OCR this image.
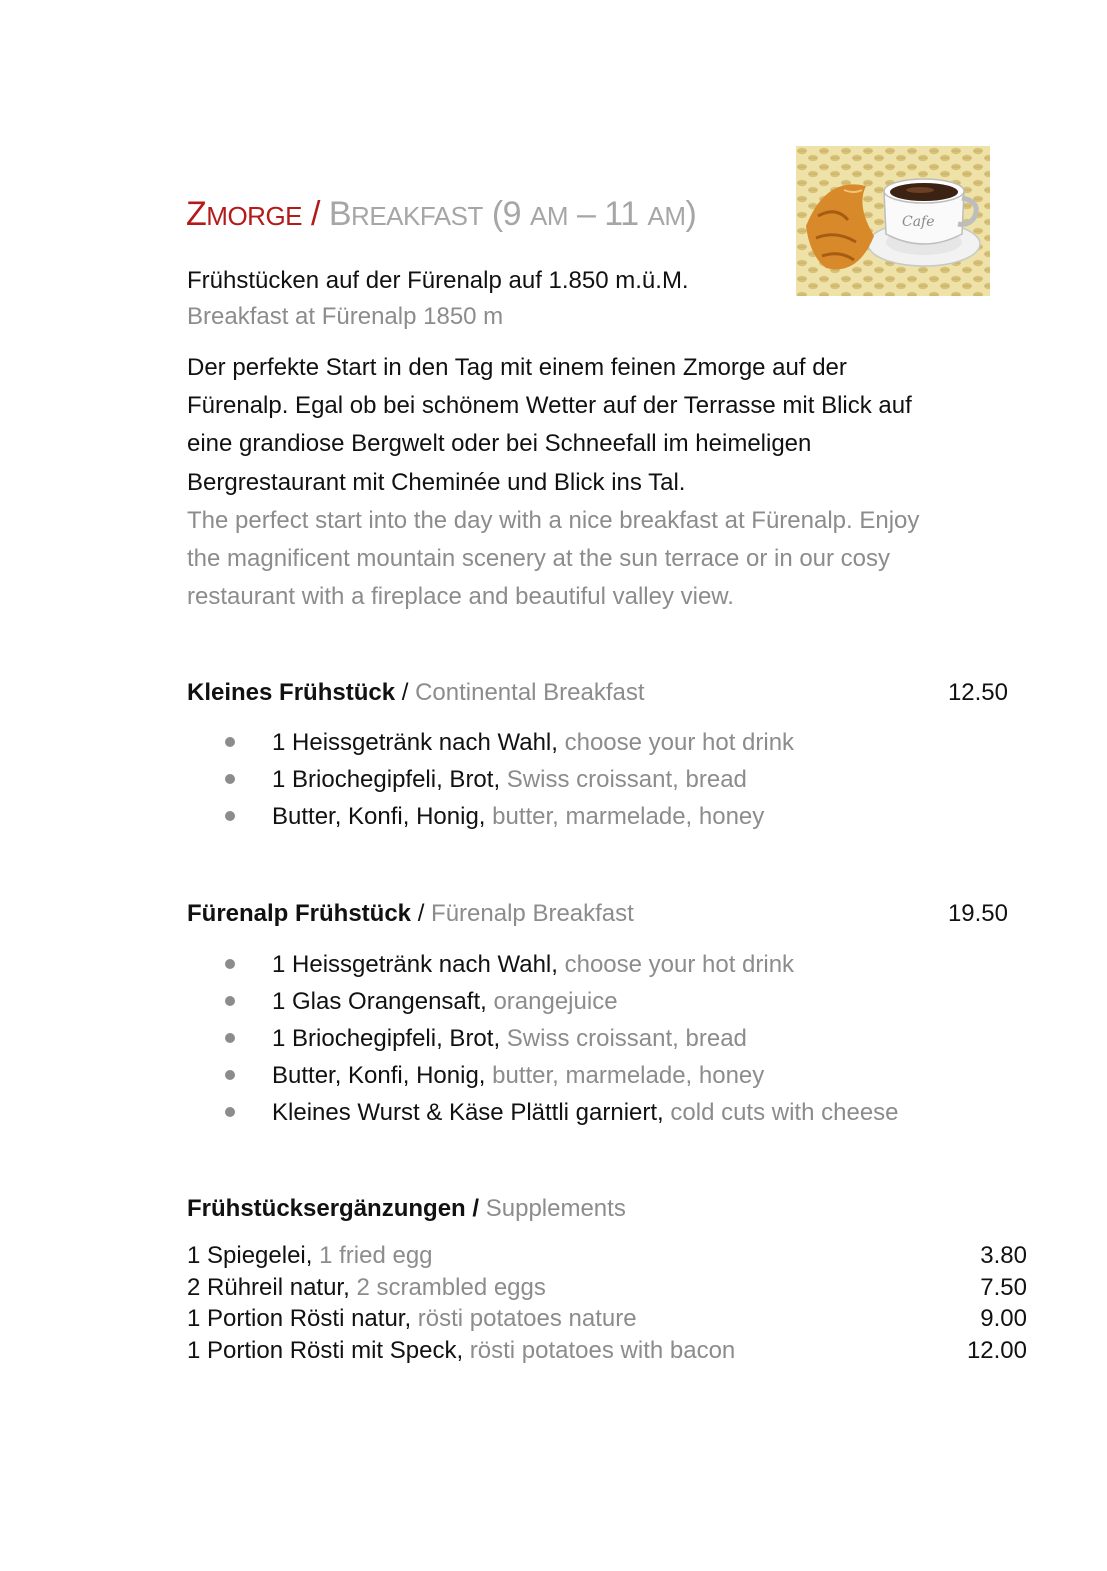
ZMORGE / BREAKFAST (9 AM – 11 AM)	Cafe
Frühstücken auf der Fürenalp auf 1.850 m.ü.M.
Breakfast at Fürenalp 1850 m

Der perfekte Start in den Tag mit einem feinen Zmorge auf der

Fürenalp. Egal ob bei schönem Wetter auf der Terrasse mit Blick auf

eine grandiose Bergwelt oder bei Schneefall im heimeligen

Bergrestaurant mit Cheminée und Blick ins Tal.

The perfect start into the day with a nice breakfast at Fürenalp. Enjoy

the magnificent mountain scenery at the sun terrace or in our cosy

restaurant with a fireplace and beautiful valley view.

Kleines Frühstück / Continental Breakfast	12.50
1 Heissgetränk nach Wahl, choose your hot drink
1 Briochegipfeli, Brot, Swiss croissant, bread
Butter, Konfi, Honig, butter, marmelade, honey
Fürenalp Frühstück / Fürenalp Breakfast	19.50
1 Heissgetränk nach Wahl, choose your hot drink
1 Glas Orangensaft, orangejuice
1 Briochegipfeli, Brot, Swiss croissant, bread
Butter, Konfi, Honig, butter, marmelade, honey
Kleines Wurst & Käse Plättli garniert, cold cuts with cheese
Frühstücksergänzungen / Supplements
1 Spiegelei, 1 fried egg	3.80
2 Rühreil natur, 2 scrambled eggs	7.50
1 Portion Rösti natur, rösti potatoes nature	9.00
1 Portion Rösti mit Speck, rösti potatoes with bacon	12.00
